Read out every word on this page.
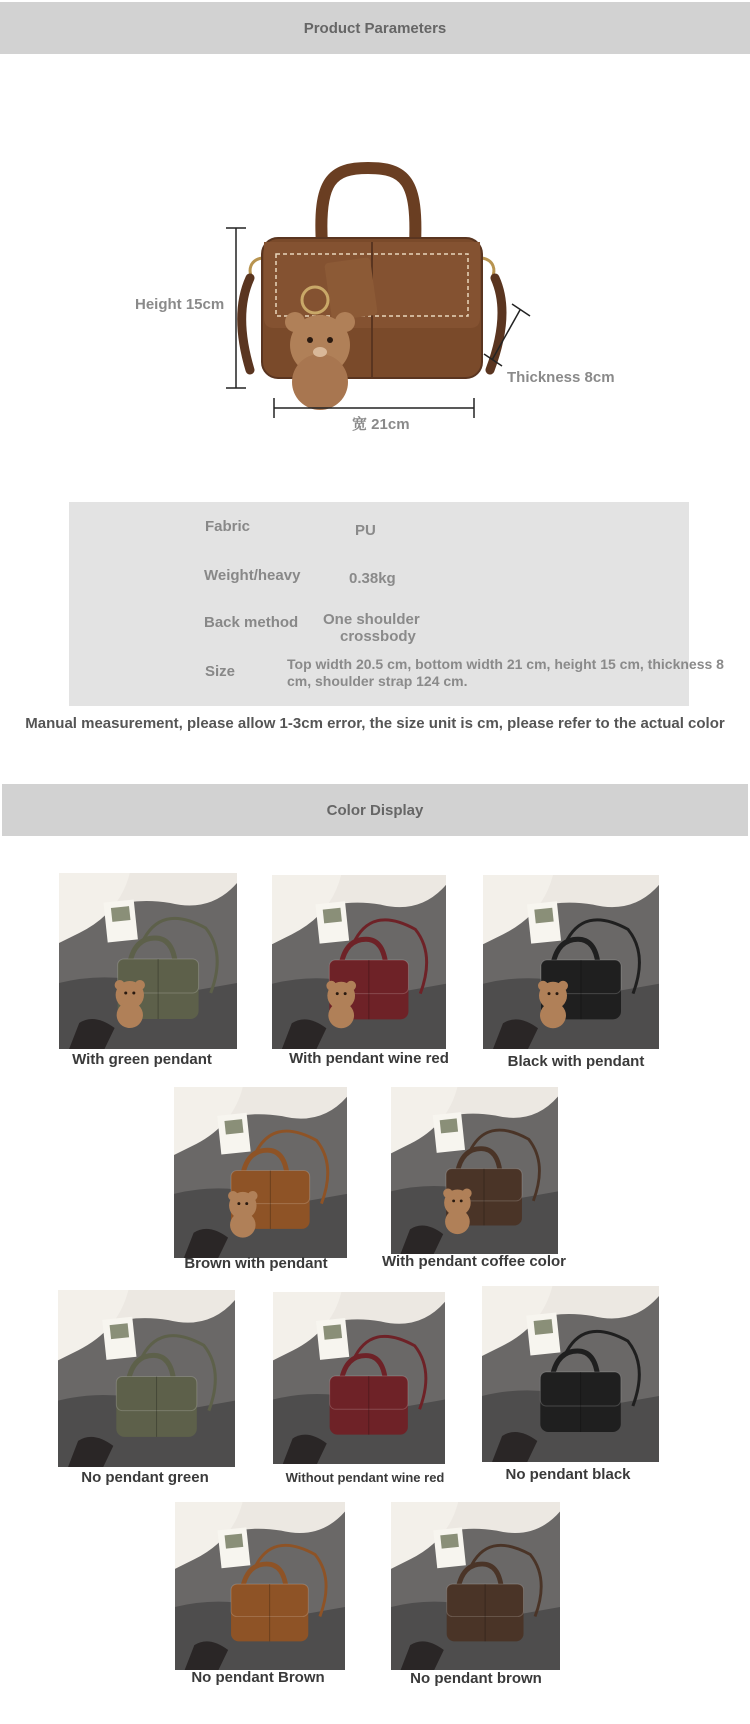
Product Parameters
Height 15cm
Thickness 8cm
宽 21cm
Fabric	PU
Weight/heavy	0.38kg
Back method One shoulder
crossbody
Size	Top width 20.5 cm, bottom width 21 cm, height 15 cm, thickness 8
cm, shoulder strap 124 cm.
Manual measurement, please allow 1-3cm error, the size unit is cm, please refer to the actual color
Color Display
With green pendant	With pendant wine red	Black with pendant
Brown with pendant	With pendant coffee color
No pendant green	Without pendant wine red	No pendant black
No pendant Brown	No pendant brown
